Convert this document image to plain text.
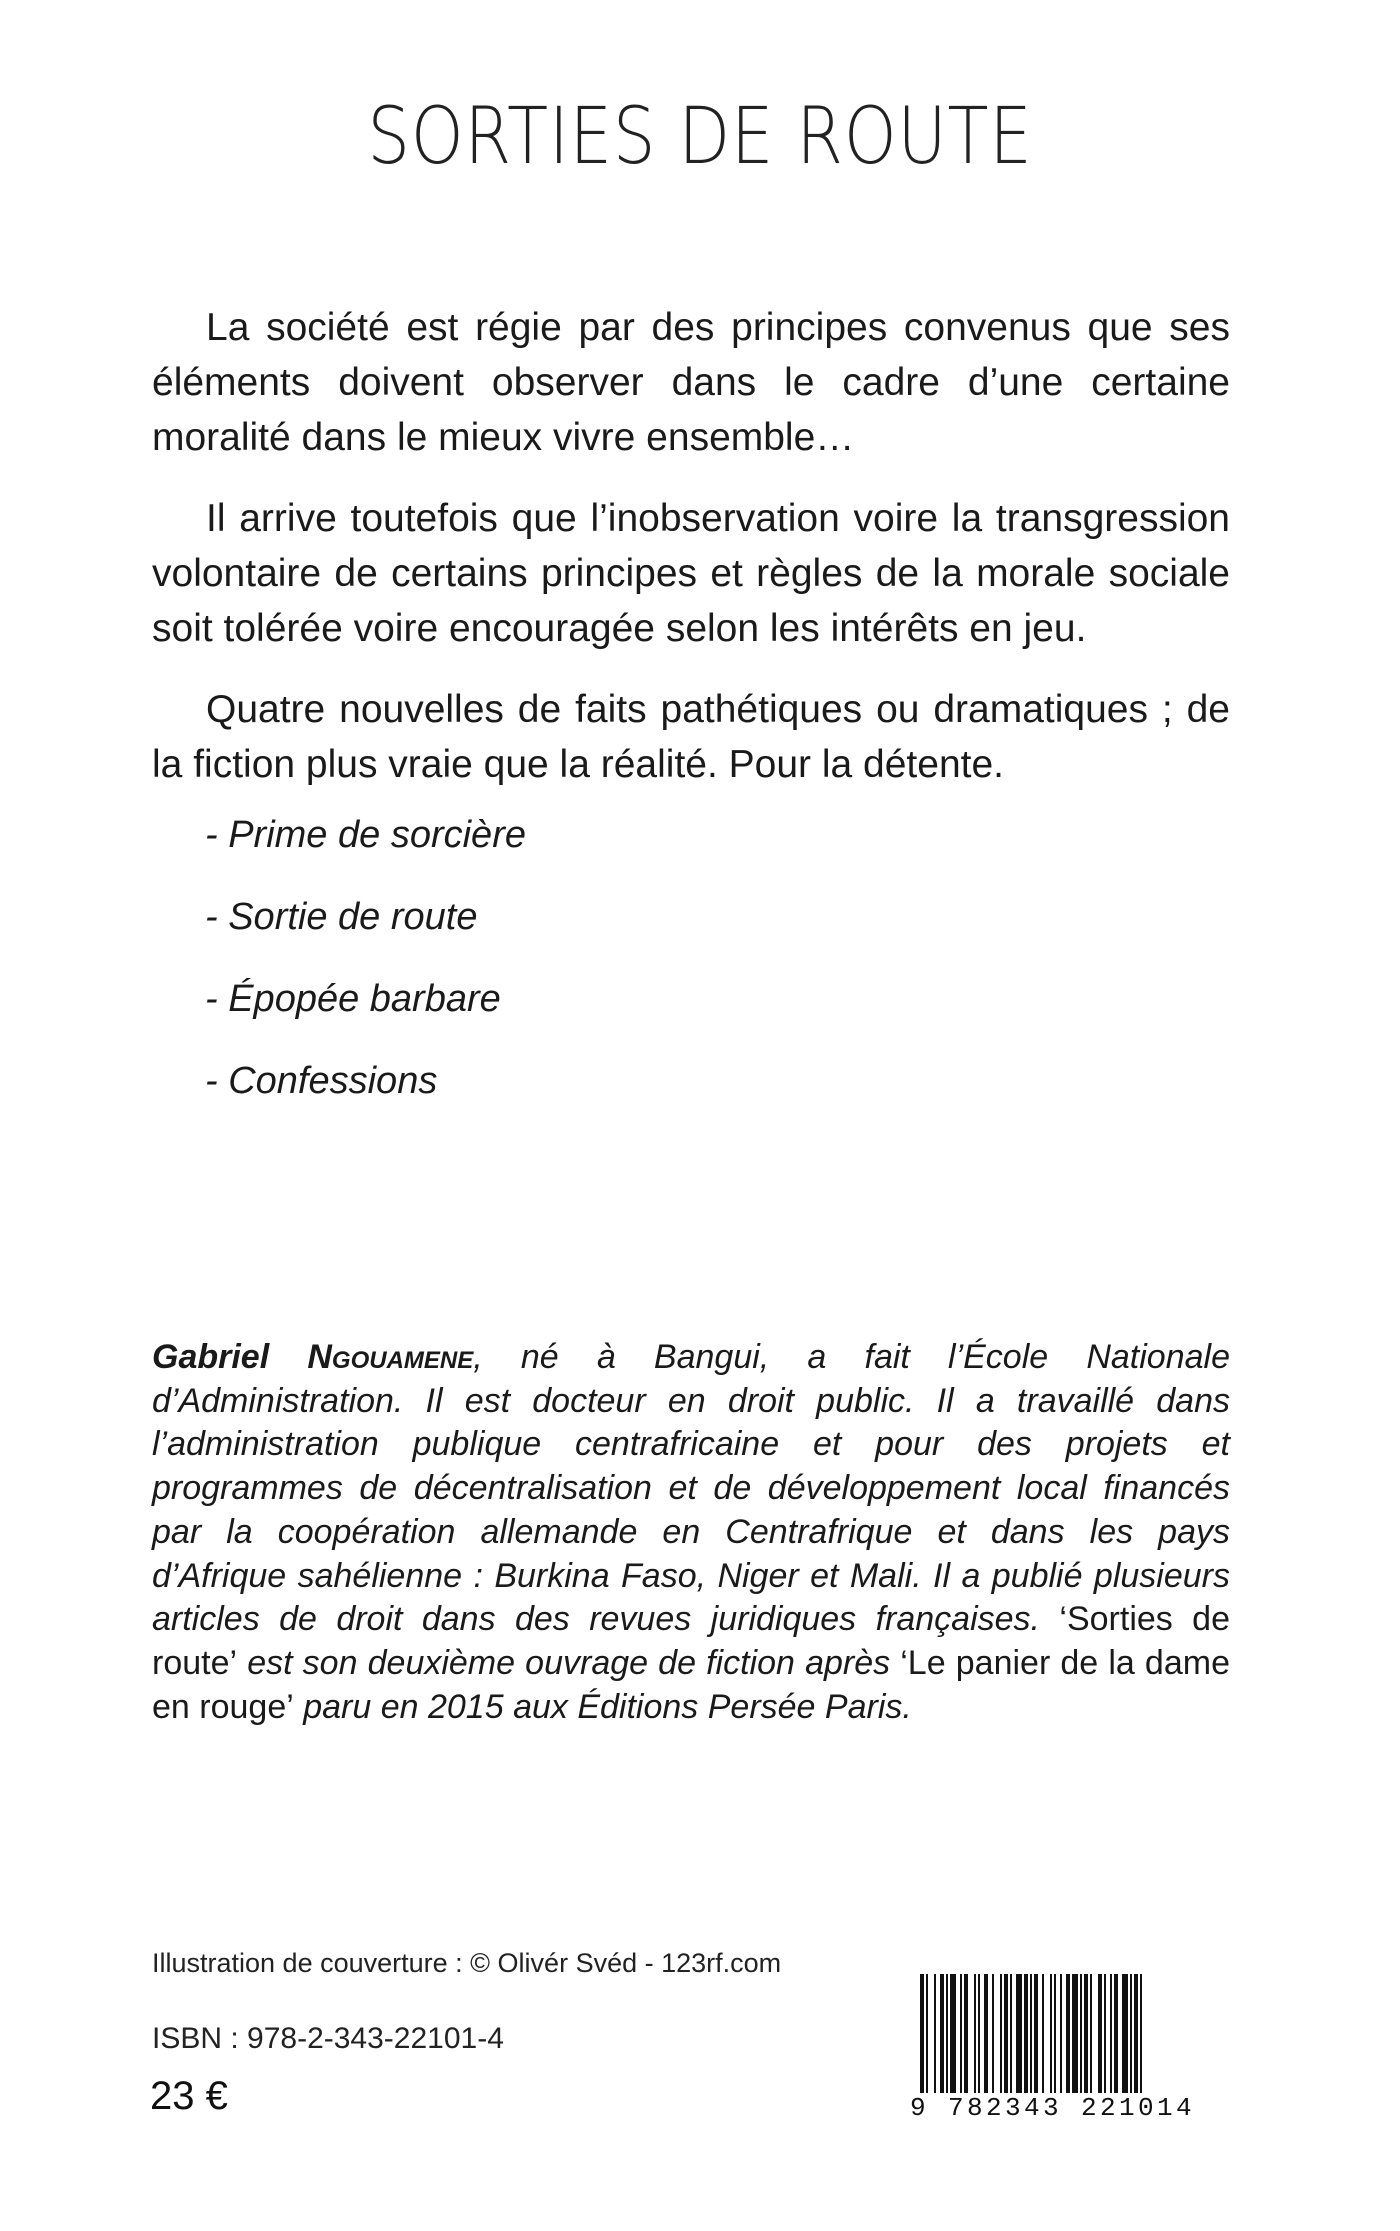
SORTIES DE ROUTE

La société est régie par des principes convenus que ses éléments doivent observer dans le cadre d’une certaine moralité dans le mieux vivre ensemble…

Il arrive toutefois que l’inobservation voire la transgression volontaire de certains principes et règles de la morale sociale soit tolérée voire encouragée selon les intérêts en jeu.

Quatre nouvelles de faits pathétiques ou dramatiques ; de la fiction plus vraie que la réalité. Pour la détente.

- Prime de sorcière
- Sortie de route
- Épopée barbare
- Confessions

Gabriel Ngouamene, né à Bangui, a fait l’École Nationale d’Administration. Il est docteur en droit public. Il a travaillé dans l’administration publique centrafricaine et pour des projets et programmes de décentralisation et de développement local financés par la coopération allemande en Centrafrique et dans les pays d’Afrique sahélienne : Burkina Faso, Niger et Mali. Il a publié plusieurs articles de droit dans des revues juridiques françaises. ‘Sorties de route’ est son deuxième ouvrage de fiction après ‘Le panier de la dame en rouge’ paru en 2015 aux Éditions Persée Paris.

Illustration de couverture : © Olivér Svéd - 123rf.com

ISBN : 978-2-343-22101-4

23 €	9 782343 221014
